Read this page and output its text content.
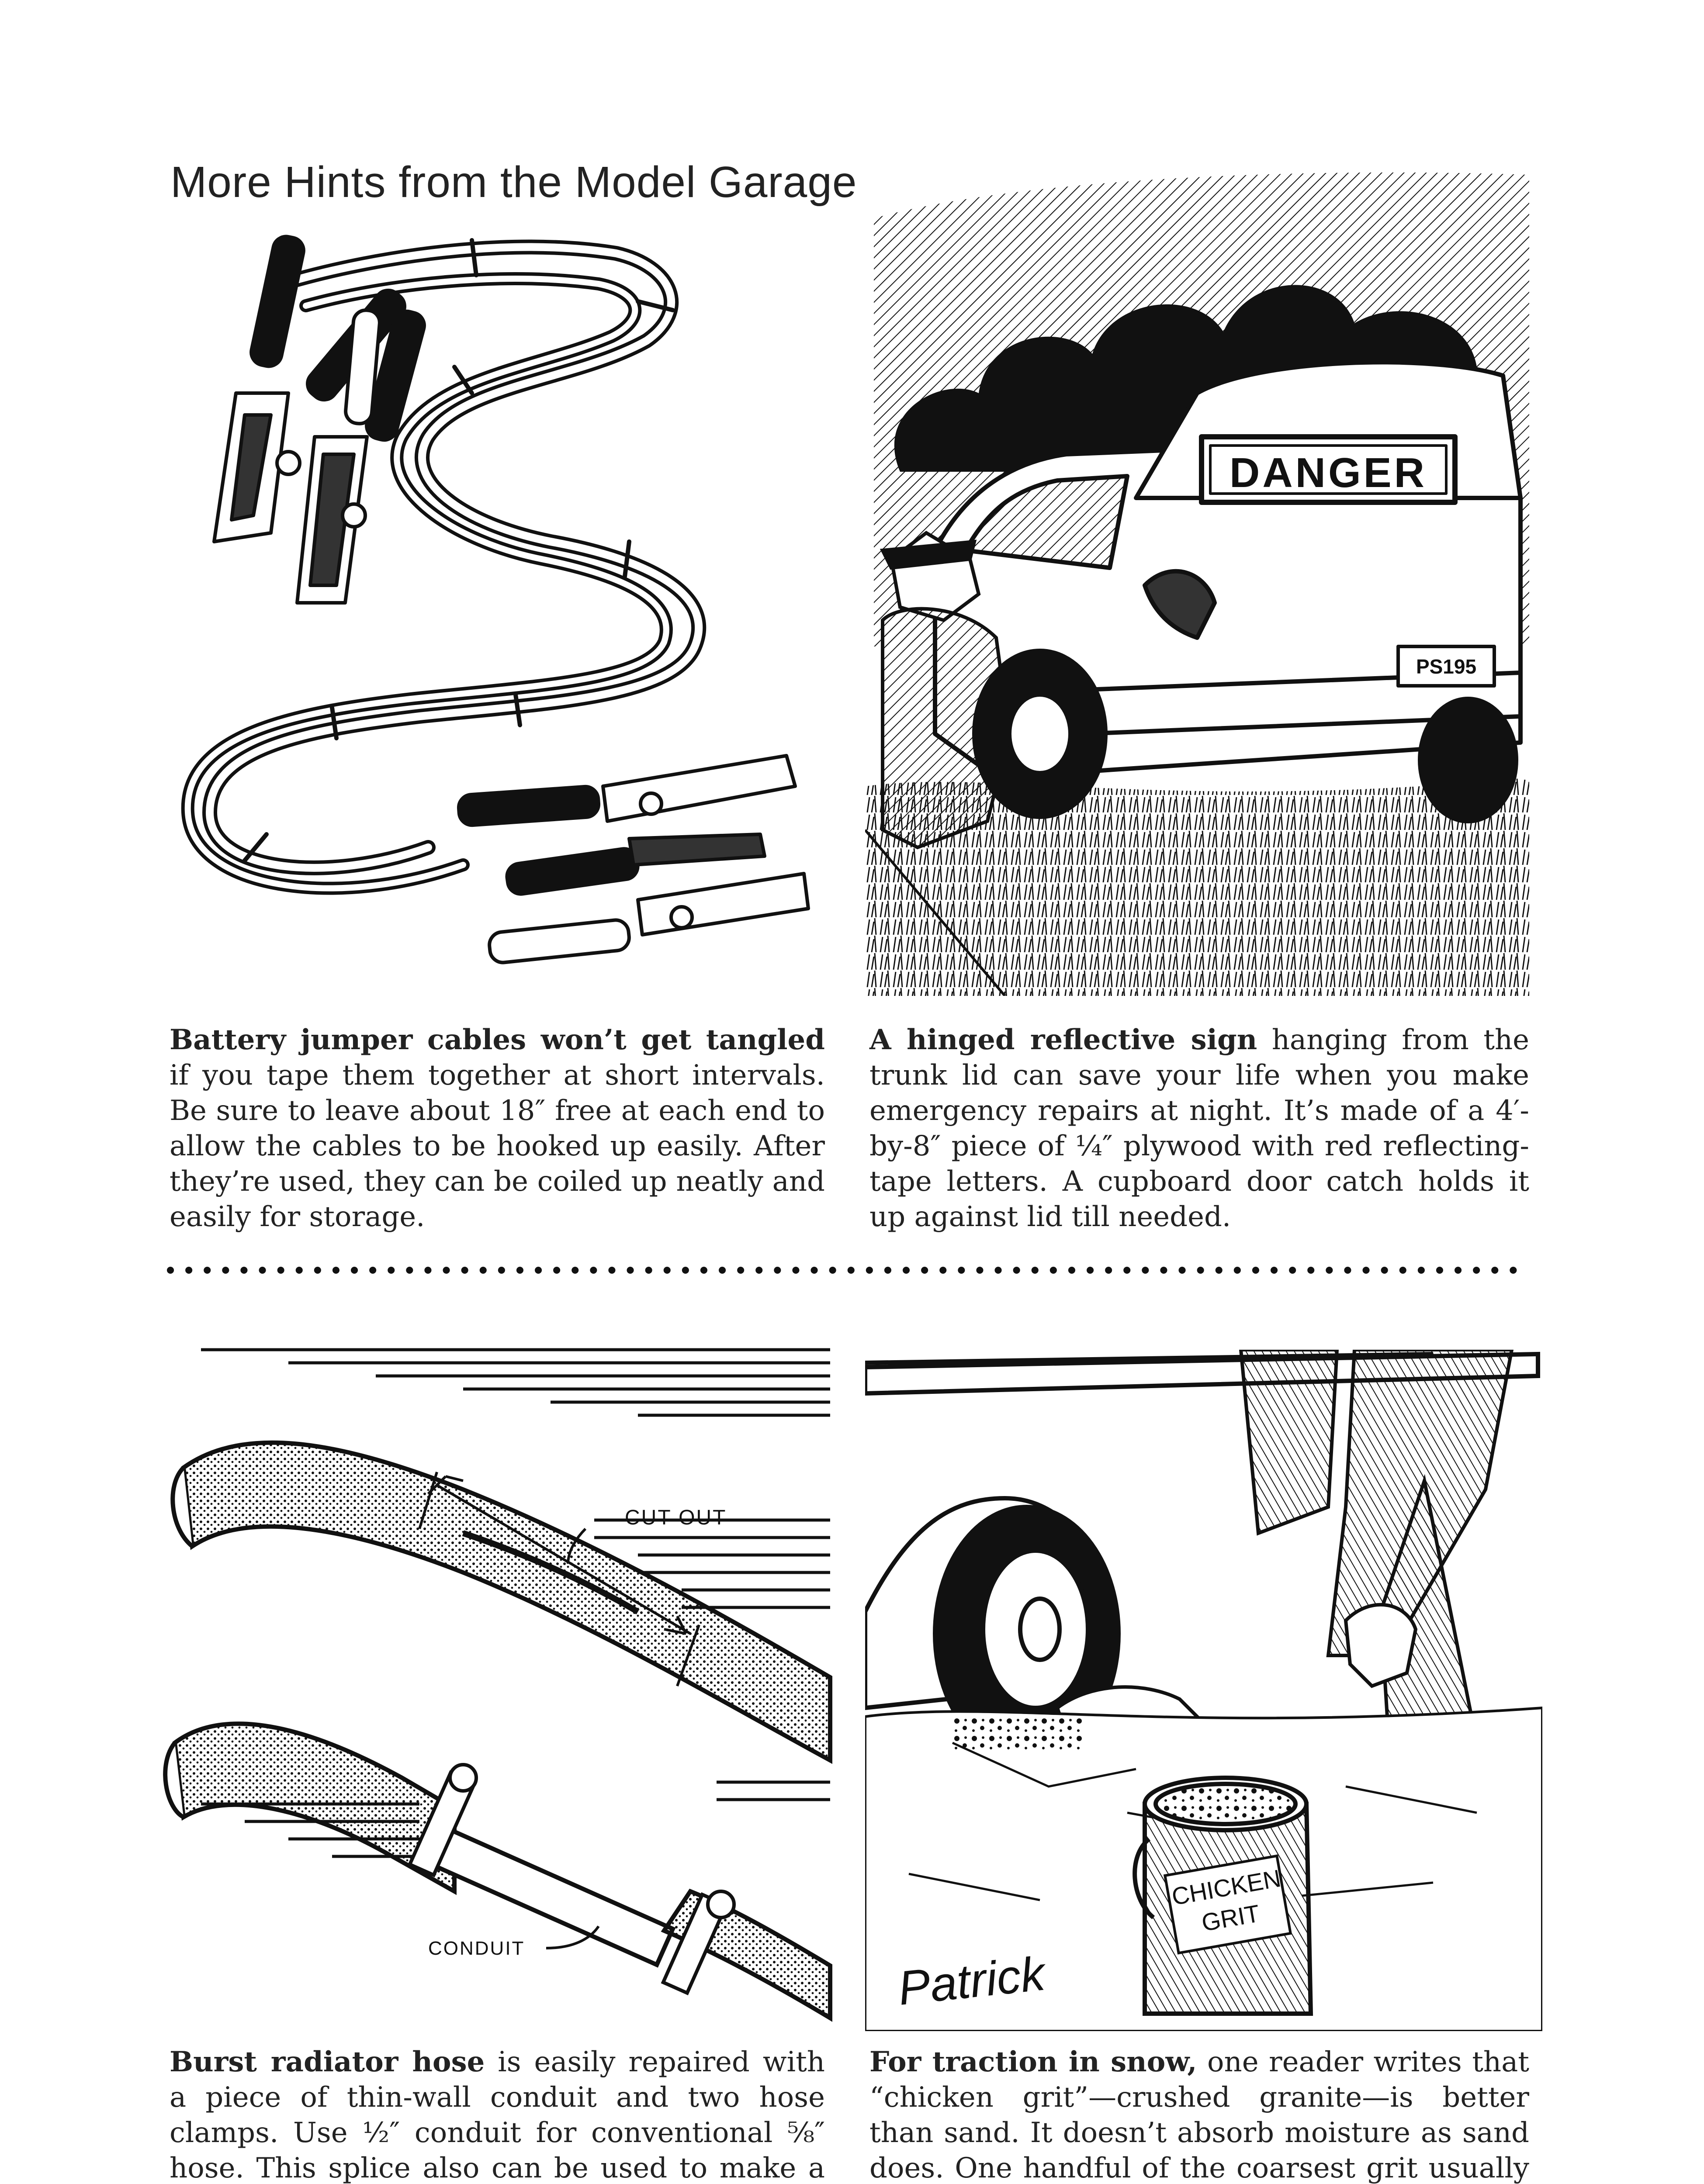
More Hints from the Model Garage
DANGER
PS195

Battery jumper cables won’t get tangled if you tape them together at short intervals. Be sure to leave about 18″ free at each end to allow the cables to be hooked up easily. After they’re used, they can be coiled up neatly and easily for storage.

A hinged reflective sign hanging from the trunk lid can save your life when you make emergency repairs at night. It’s made of a 4′-by-8″ piece of ¼″ plywood with red reflecting-tape letters. A cupboard door catch holds it up against lid till needed.

CUT OUT
CONDUIT
CHICKEN
GRIT
Patrick

Burst radiator hose is easily repaired with a piece of thin-wall conduit and two hose clamps. Use ½″ conduit for conventional ⅝″ hose. This splice also can be used to make a

For traction in snow, one reader writes that “chicken grit”—crushed granite—is better than sand. It doesn’t absorb moisture as sand does. One handful of the coarsest grit usually
